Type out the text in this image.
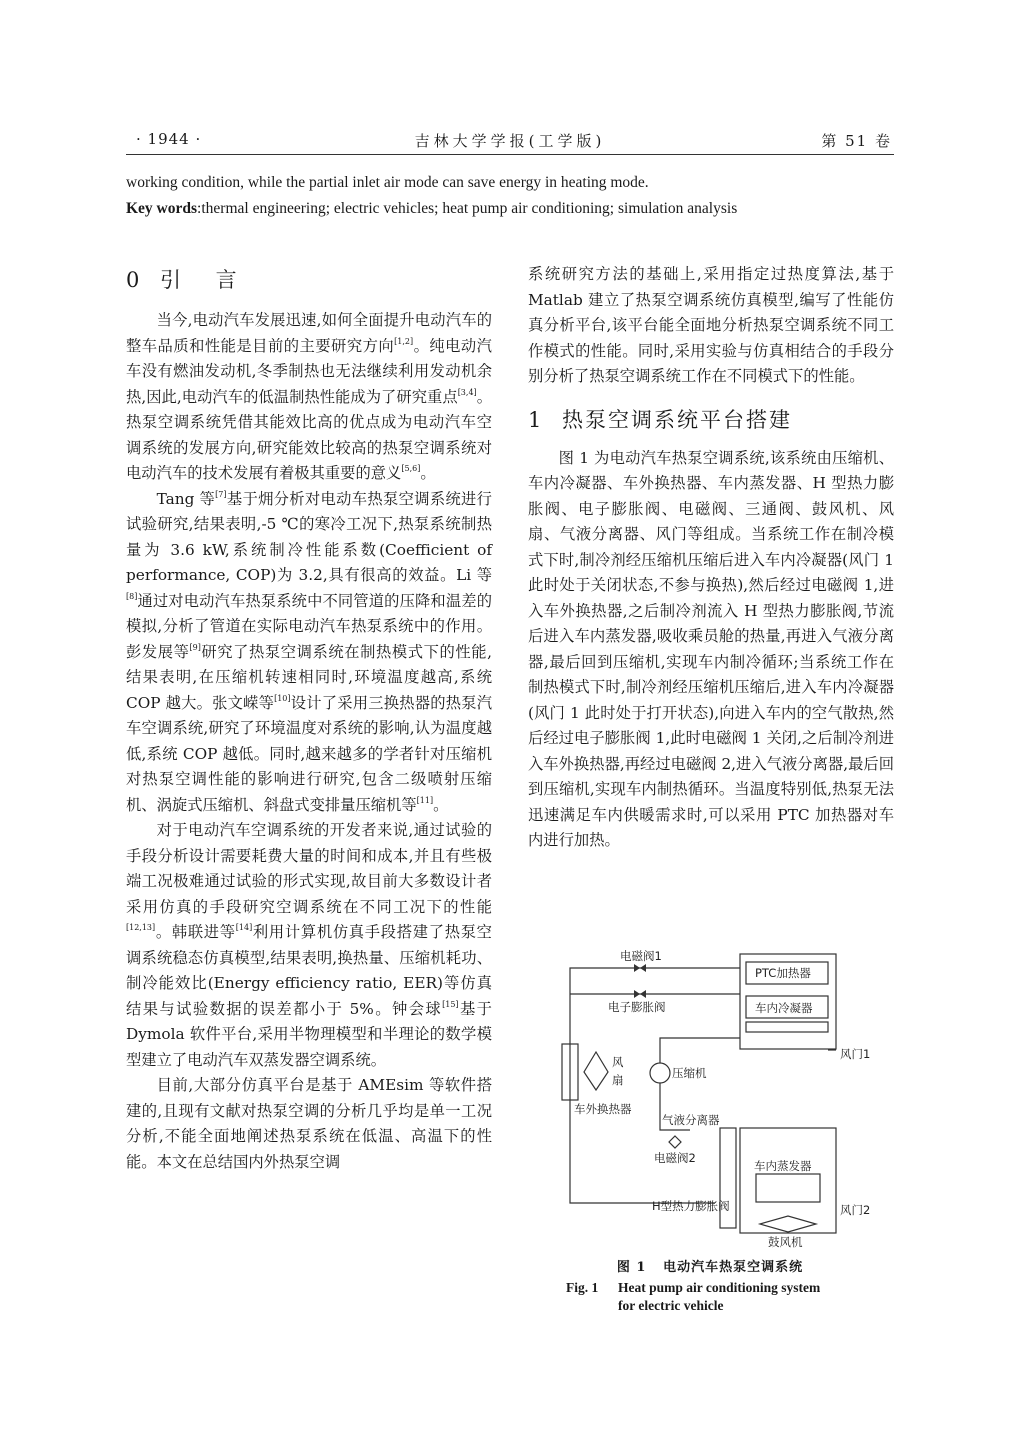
· 1944 ·	吉林大学学报(工学版)	第 51 卷
working condition, while the partial inlet air mode can save energy in heating mode.
Key words:thermal engineering; electric vehicles; heat pump air conditioning; simulation analysis
0 引 言

当今,电动汽车发展迅速,如何全面提升电动汽车的整车品质和性能是目前的主要研究方向[1,2]。纯电动汽车没有燃油发动机,冬季制热也无法继续利用发动机余热,因此,电动汽车的低温制热性能成为了研究重点[3,4]。热泵空调系统凭借其能效比高的优点成为电动汽车空调系统的发展方向,研究能效比较高的热泵空调系统对电动汽车的技术发展有着极其重要的意义[5,6]。

Tang 等[7]基于㶲分析对电动车热泵空调系统进行试验研究,结果表明,-5 ℃的寒冷工况下,热泵系统制热量为 3.6 kW,系统制冷性能系数(Coefficient of performance, COP)为 3.2,具有很高的效益。Li 等[8]通过对电动汽车热泵系统中不同管道的压降和温差的模拟,分析了管道在实际电动汽车热泵系统中的作用。彭发展等[9]研究了热泵空调系统在制热模式下的性能,结果表明,在压缩机转速相同时,环境温度越高,系统 COP 越大。张文嵘等[10]设计了采用三换热器的热泵汽车空调系统,研究了环境温度对系统的影响,认为温度越低,系统 COP 越低。同时,越来越多的学者针对压缩机对热泵空调性能的影响进行研究,包含二级喷射压缩机、涡旋式压缩机、斜盘式变排量压缩机等[11]。

对于电动汽车空调系统的开发者来说,通过试验的手段分析设计需要耗费大量的时间和成本,并且有些极端工况极难通过试验的形式实现,故目前大多数设计者采用仿真的手段研究空调系统在不同工况下的性能[12,13]。韩联进等[14]利用计算机仿真手段搭建了热泵空调系统稳态仿真模型,结果表明,换热量、压缩机耗功、制冷能效比(Energy efficiency ratio, EER)等仿真结果与试验数据的误差都小于 5%。钟会球[15]基于 Dymola 软件平台,采用半物理模型和半理论的数学模型建立了电动汽车双蒸发器空调系统。

目前,大部分仿真平台是基于 AMEsim 等软件搭建的,且现有文献对热泵空调的分析几乎均是单一工况分析,不能全面地阐述热泵系统在低温、高温下的性能。本文在总结国内外热泵空调

系统研究方法的基础上,采用指定过热度算法,基于 Matlab 建立了热泵空调系统仿真模型,编写了性能仿真分析平台,该平台能全面地分析热泵空调系统不同工作模式的性能。同时,采用实验与仿真相结合的手段分别分析了热泵空调系统工作在不同模式下的性能。

1 热泵空调系统平台搭建

图 1 为电动汽车热泵空调系统,该系统由压缩机、车内冷凝器、车外换热器、车内蒸发器、H 型热力膨胀阀、电子膨胀阀、电磁阀、三通阀、鼓风机、风扇、气液分离器、风门等组成。当系统工作在制冷模式下时,制冷剂经压缩机压缩后进入车内冷凝器(风门 1 此时处于关闭状态,不参与换热),然后经过电磁阀 1,进入车外换热器,之后制冷剂流入 H 型热力膨胀阀,节流后进入车内蒸发器,吸收乘员舱的热量,再进入气液分离器,最后回到压缩机,实现车内制冷循环;当系统工作在制热模式下时,制冷剂经压缩机压缩后,进入车内冷凝器(风门 1 此时处于打开状态),向进入车内的空气散热,然后经过电子膨胀阀 1,此时电磁阀 1 关闭,之后制冷剂进入车外换热器,再经过电磁阀 2,进入气液分离器,最后回到压缩机,实现车内制热循环。当温度特别低,热泵无法迅速满足车内供暖需求时,可以采用 PTC 加热器对车内进行加热。

电磁阀1
PTC加热器
电子膨胀阀	车内冷凝器
风门1
风
扇	压缩机
车外换热器
气液分离器
电磁阀2
车内蒸发器
H型热力膨胀阀	风门2
鼓风机
图 1 电动汽车热泵空调系统
Fig. 1 Heat pump air conditioning system
for electric vehicle
